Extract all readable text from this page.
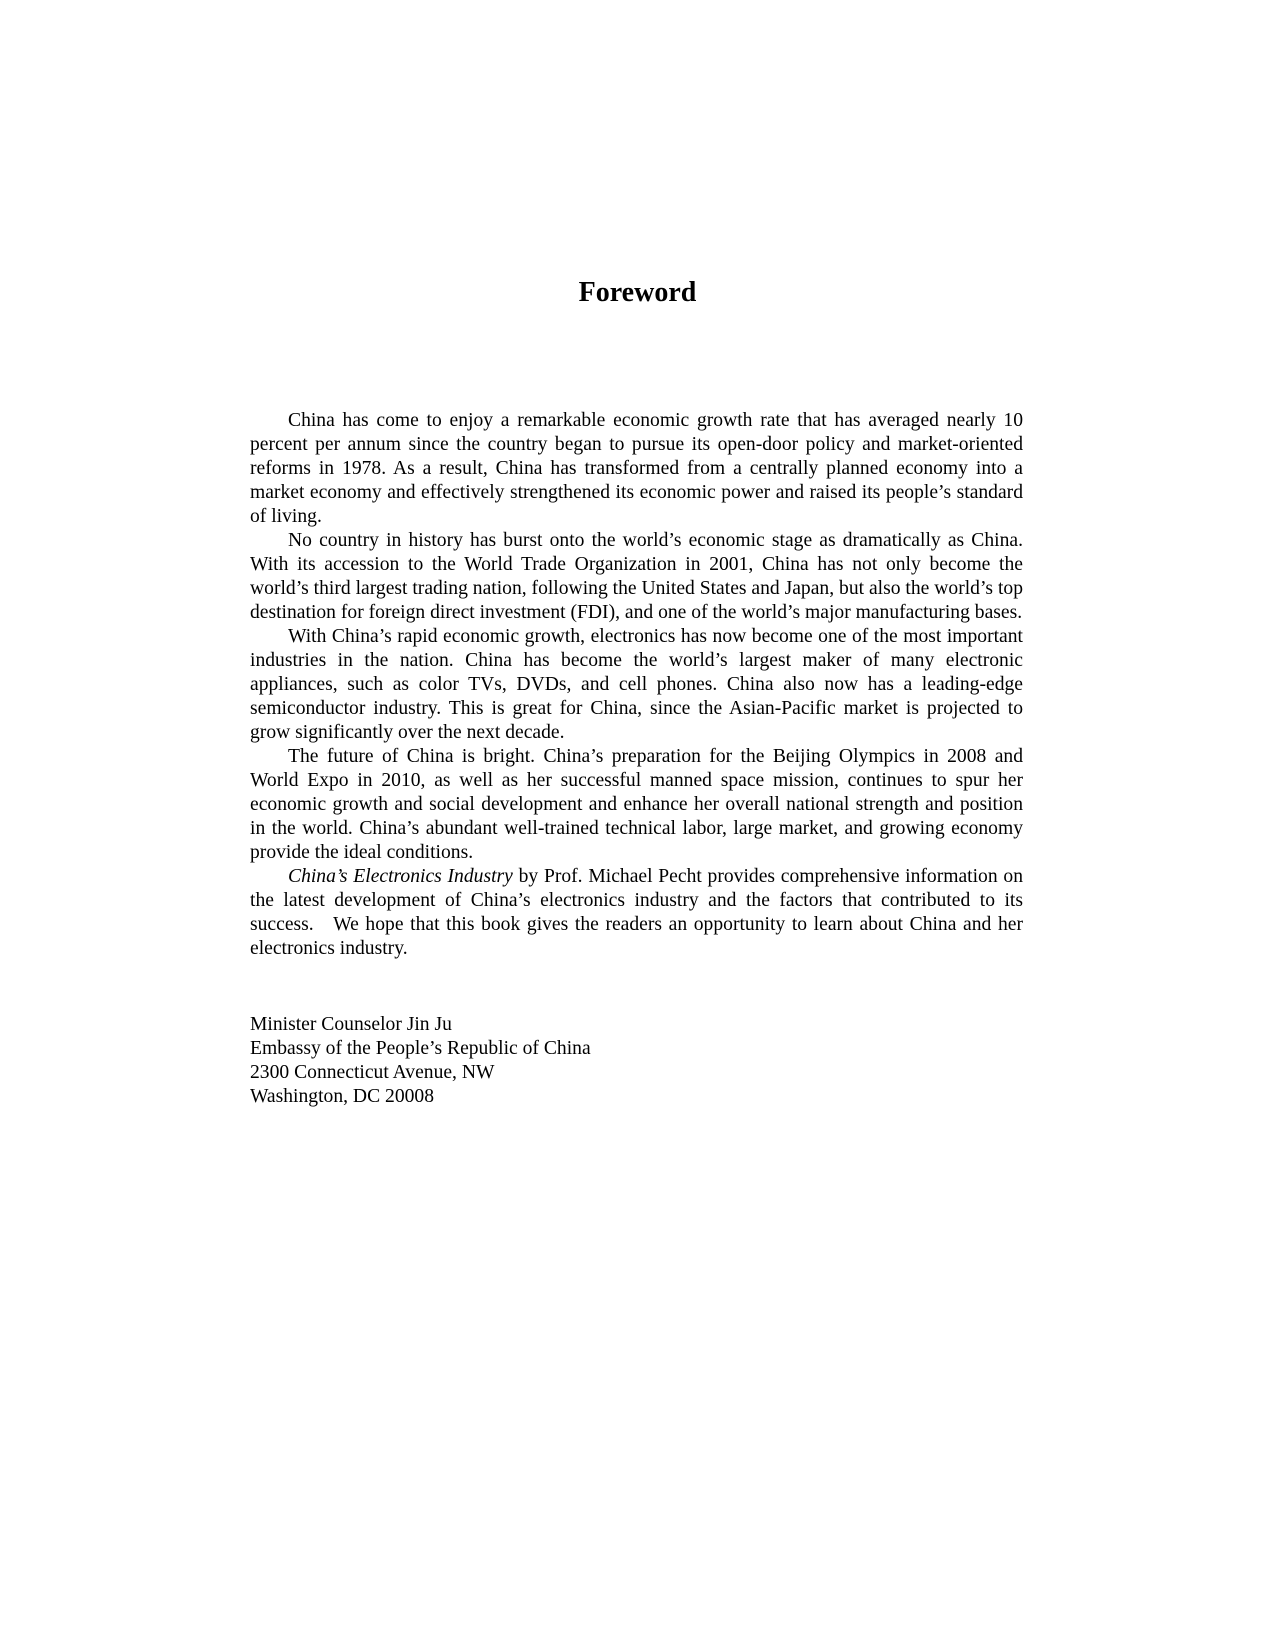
Foreword

China has come to enjoy a remarkable economic growth rate that has averaged nearly 10 percent per annum since the country began to pursue its open-door policy and market-oriented reforms in 1978. As a result, China has transformed from a centrally planned economy into a market economy and effectively strengthened its economic power and raised its people’s standard of living.

No country in history has burst onto the world’s economic stage as dramatically as China. With its accession to the World Trade Organization in 2001, China has not only become the world’s third largest trading nation, following the United States and Japan, but also the world’s top destination for foreign direct investment (FDI), and one of the world’s major manufacturing bases.

With China’s rapid economic growth, electronics has now become one of the most important industries in the nation. China has become the world’s largest maker of many electronic appliances, such as color TVs, DVDs, and cell phones. China also now has a leading-edge semiconductor industry. This is great for China, since the Asian-Pacific market is projected to grow significantly over the next decade.

The future of China is bright. China’s preparation for the Beijing Olympics in 2008 and World Expo in 2010, as well as her successful manned space mission, continues to spur her economic growth and social development and enhance her overall national strength and position in the world. China’s abundant well-trained technical labor, large market, and growing economy provide the ideal conditions.

China’s Electronics Industry by Prof. Michael Pecht provides comprehensive information on the latest development of China’s electronics industry and the factors that contributed to its success.   We hope that this book gives the readers an opportunity to learn about China and her electronics industry.

Minister Counselor Jin Ju
Embassy of the People’s Republic of China
2300 Connecticut Avenue, NW
Washington, DC 20008
